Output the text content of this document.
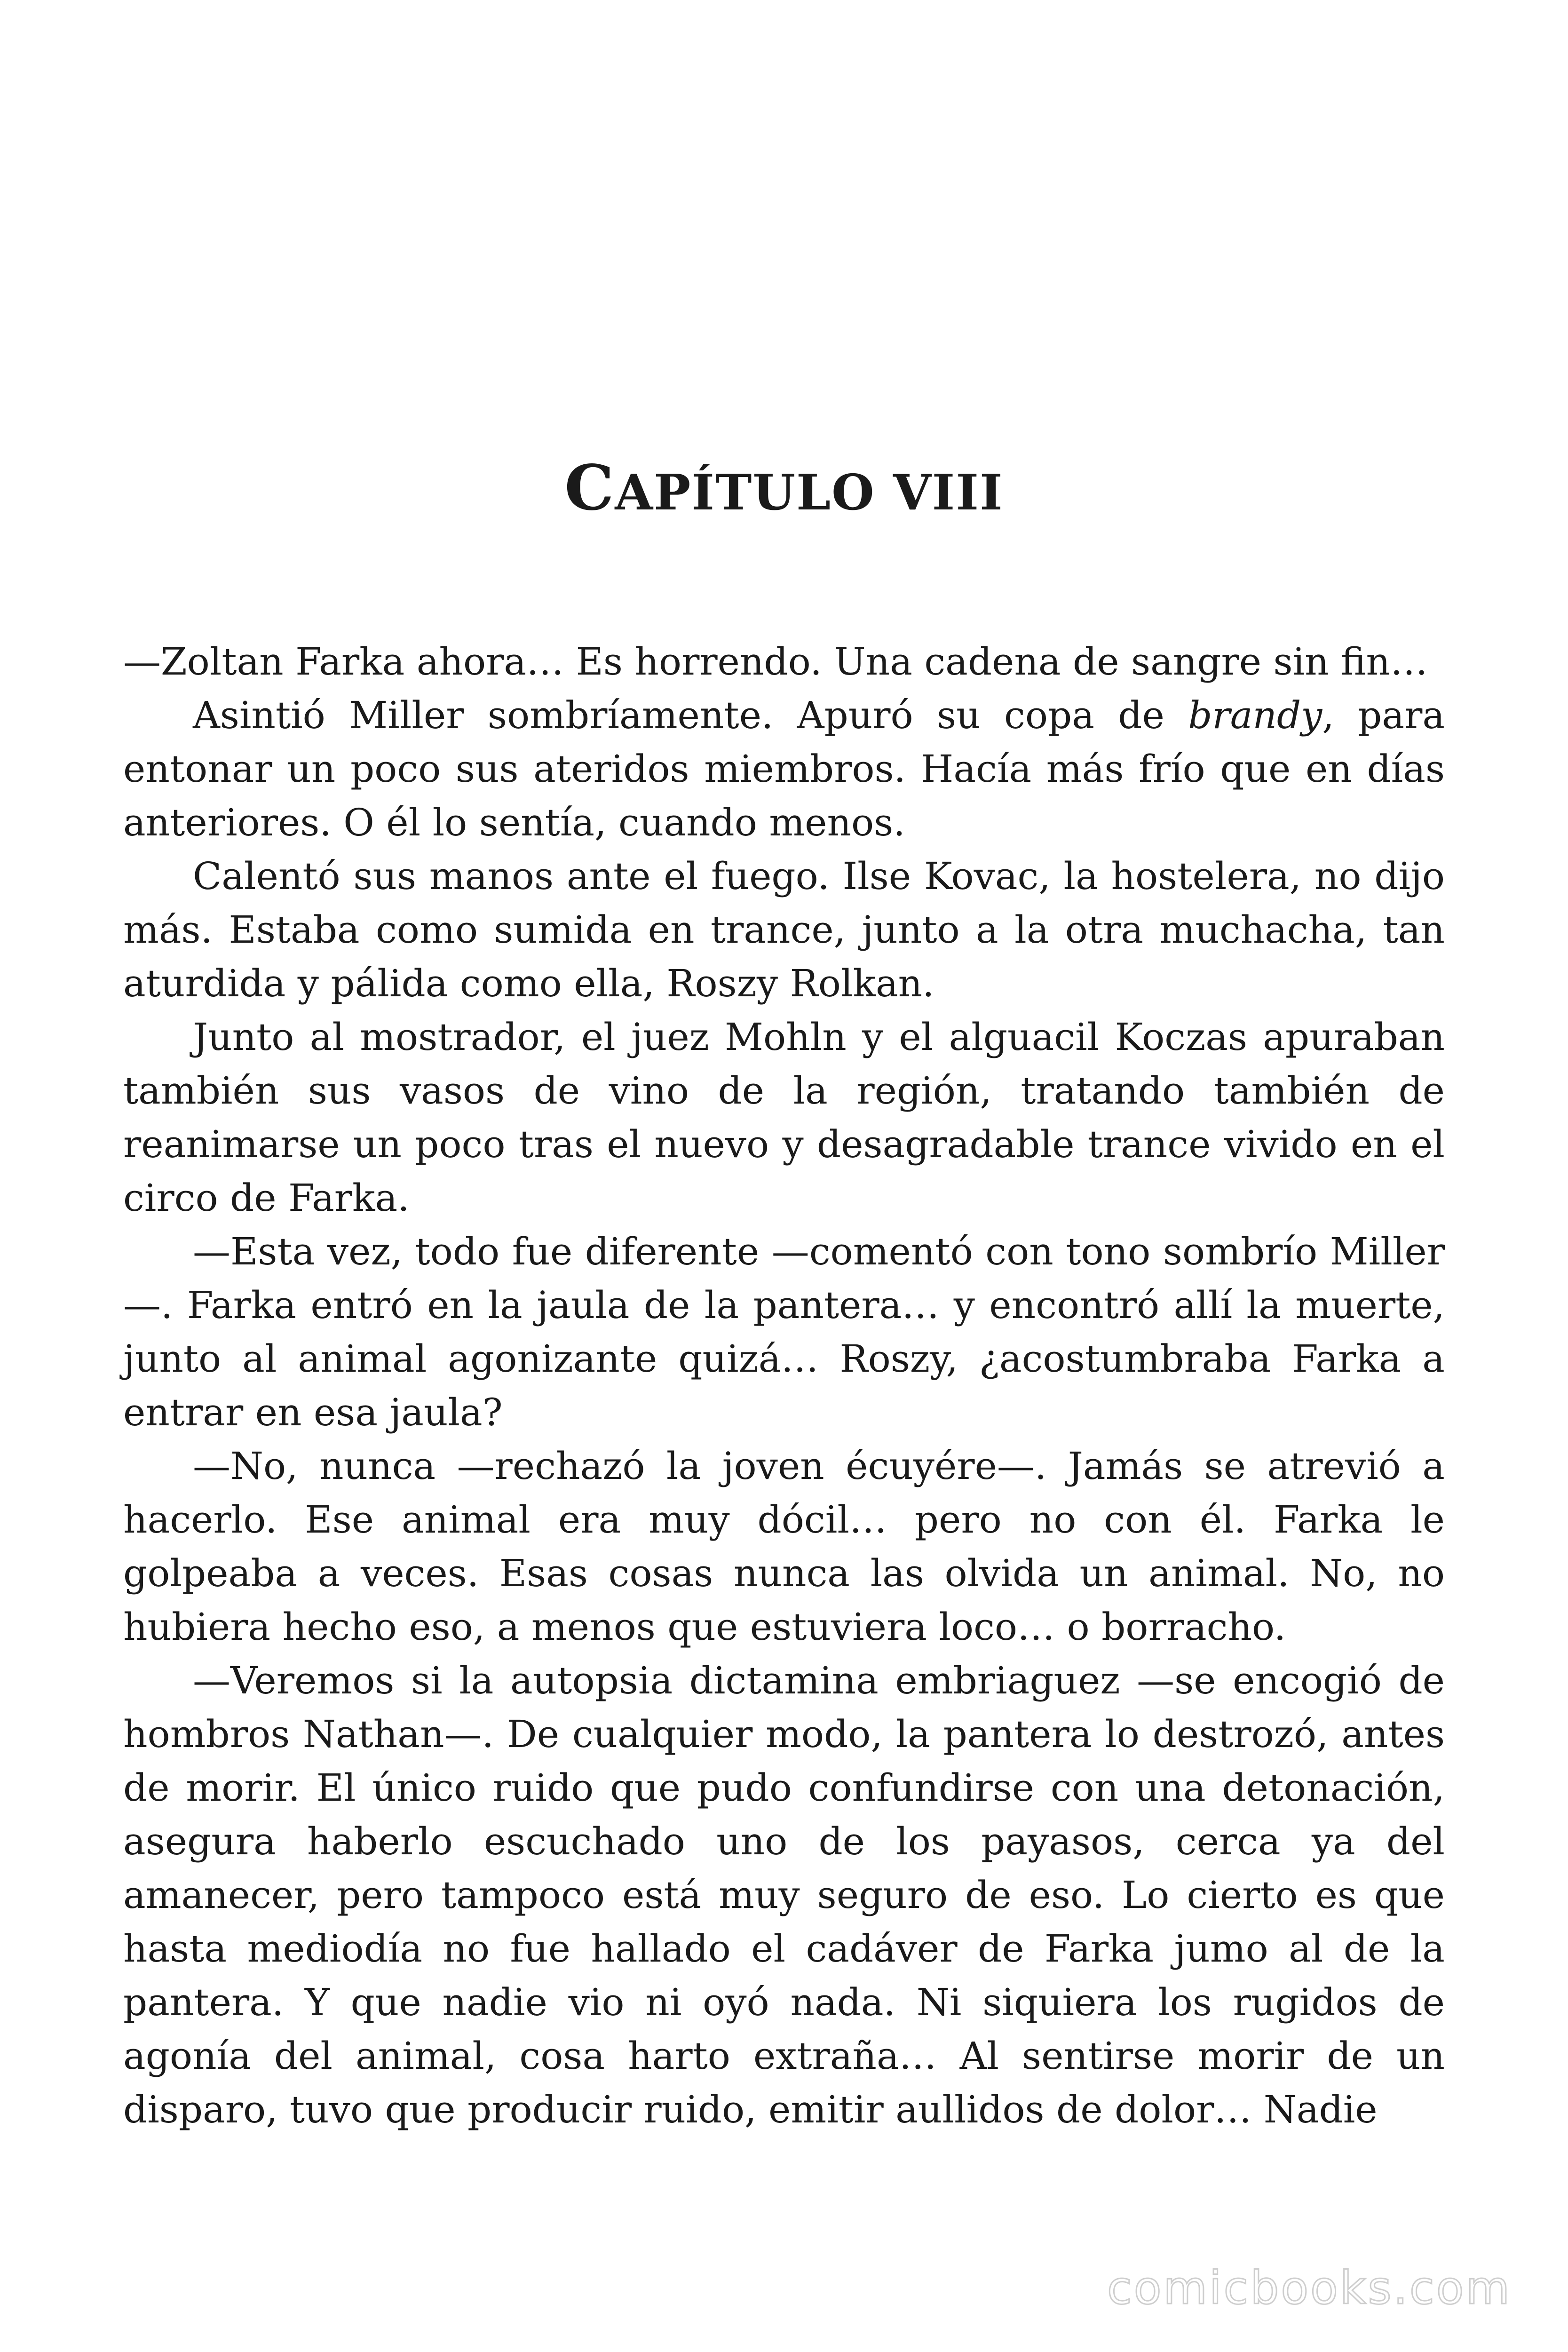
CAPÍTULO VIII

—Zoltan Farka ahora… Es horrendo. Una cadena de sangre sin fin…

Asintió Miller sombríamente. Apuró su copa de brandy, para entonar un poco sus ateridos miembros. Hacía más frío que en días anteriores. O él lo sentía, cuando menos.

Calentó sus manos ante el fuego. Ilse Kovac, la hostelera, no dijo más. Estaba como sumida en trance, junto a la otra muchacha, tan aturdida y pálida como ella, Roszy Rolkan.

Junto al mostrador, el juez Mohln y el alguacil Koczas apuraban también sus vasos de vino de la región, tratando también de reanimarse un poco tras el nuevo y desagradable trance vivido en el circo de Farka.

—Esta vez, todo fue diferente —comentó con tono sombrío Miller—. Farka entró en la jaula de la pantera… y encontró allí la muerte, junto al animal agonizante quizá… Roszy, ¿acostumbraba Farka a entrar en esa jaula?

—No, nunca —rechazó la joven écuyére—. Jamás se atrevió a hacerlo. Ese animal era muy dócil… pero no con él. Farka le golpeaba a veces. Esas cosas nunca las olvida un animal. No, no hubiera hecho eso, a menos que estuviera loco… o borracho.

—Veremos si la autopsia dictamina embriaguez —se encogió de hombros Nathan—. De cualquier modo, la pantera lo destrozó, antes de morir. El único ruido que pudo confundirse con una detonación, asegura haberlo escuchado uno de los payasos, cerca ya del amanecer, pero tampoco está muy seguro de eso. Lo cierto es que hasta mediodía no fue hallado el cadáver de Farka jumo al de la pantera. Y que nadie vio ni oyó nada. Ni siquiera los rugidos de agonía del animal, cosa harto extraña… Al sentirse morir de un disparo, tuvo que producir ruido, emitir aullidos de dolor… Nadie

comicbooks.com
